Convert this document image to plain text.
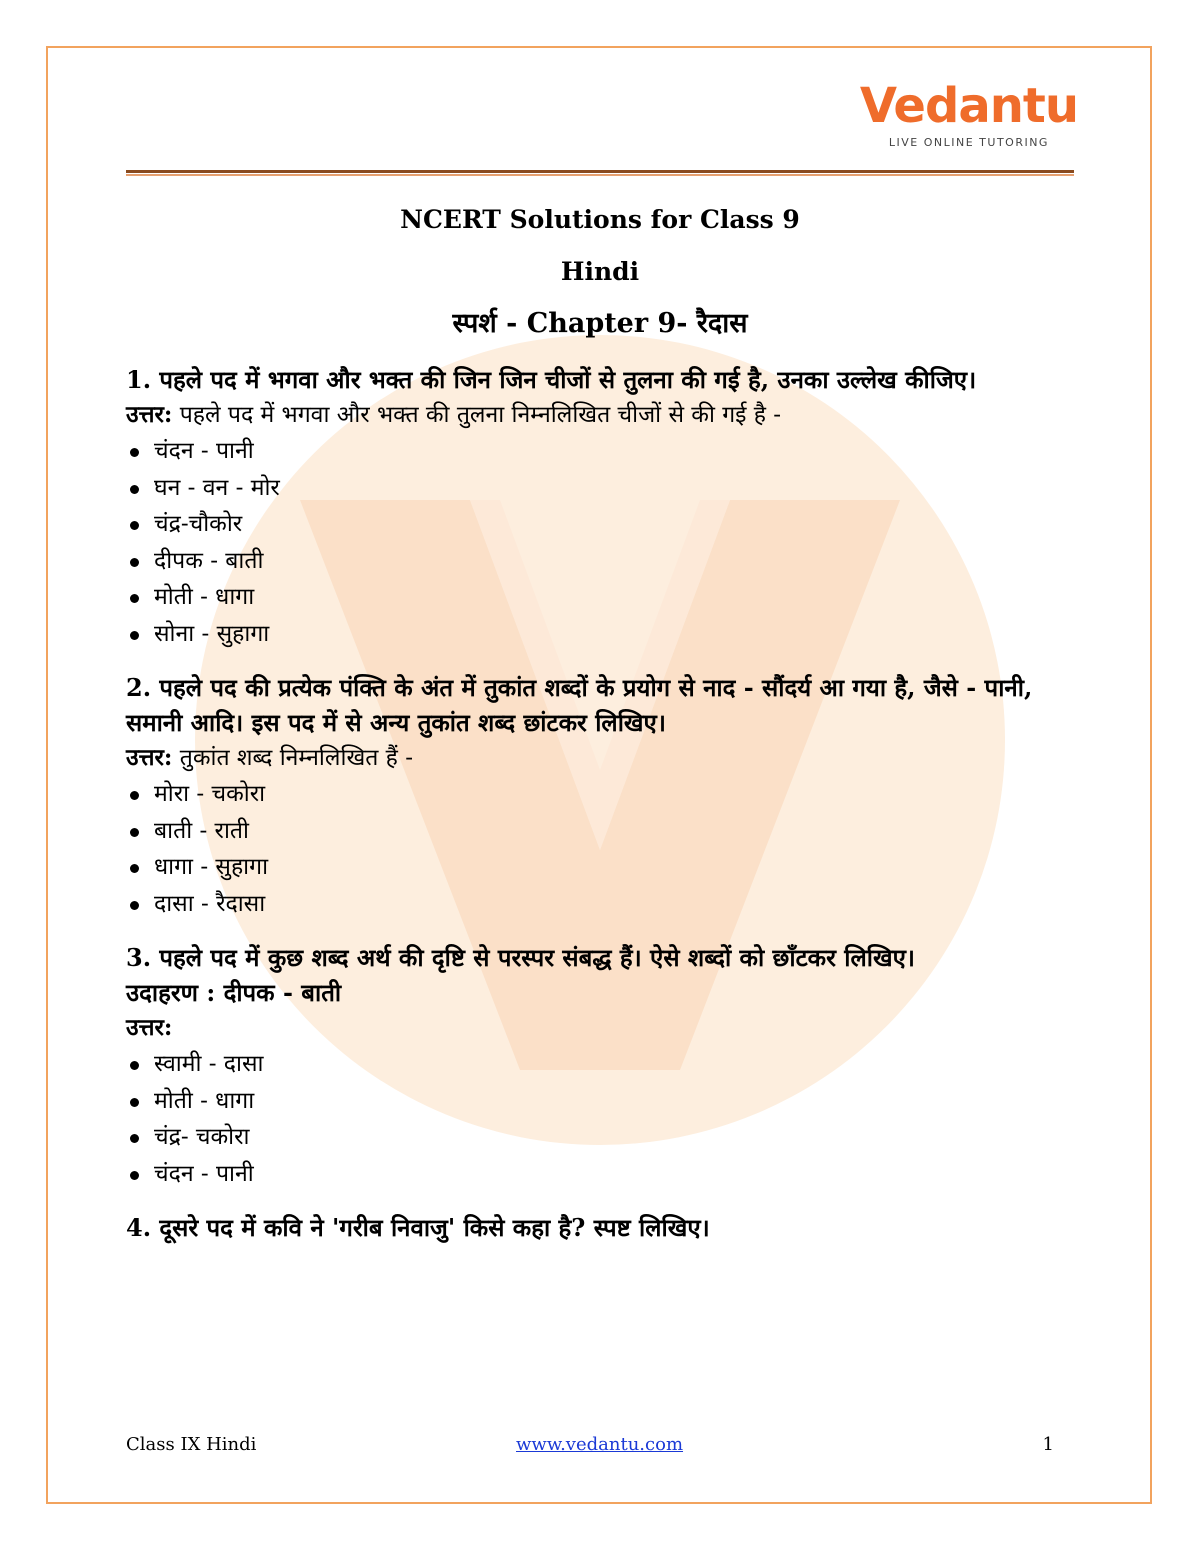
Vedantu
LIVE ONLINE TUTORING
NCERT Solutions for Class 9
Hindi
स्पर्श - Chapter 9- रैदास
1. पहले पद में भगवा और भक्त की जिन जिन चीजों से तुलना की गई है, उनका उल्लेख कीजिए।
उत्तर: पहले पद में भगवा और भक्त की तुलना निम्नलिखित चीजों से की गई है -
चंदन - पानी
घन - वन - मोर
चंद्र-चौकोर
दीपक - बाती
मोती - धागा
सोना - सुहागा
2. पहले पद की प्रत्येक पंक्ति के अंत में तुकांत शब्दों के प्रयोग से नाद - सौंदर्य आ गया है, जैसे - पानी, समानी आदि। इस पद में से अन्य तुकांत शब्द छांटकर लिखिए।
उत्तर: तुकांत शब्द निम्नलिखित हैं -
मोरा - चकोरा
बाती - राती
धागा - सुहागा
दासा - रैदासा
3. पहले पद में कुछ शब्द अर्थ की दृष्टि से परस्पर संबद्ध हैं। ऐसे शब्दों को छाँटकर लिखिए।
उदाहरण : दीपक - बाती
उत्तर:
स्वामी - दासा
मोती - धागा
चंद्र- चकोरा
चंदन - पानी
4. दूसरे पद में कवि ने 'गरीब निवाजु' किसे कहा है? स्पष्ट लिखिए।
Class IX Hindi	www.vedantu.com	1
